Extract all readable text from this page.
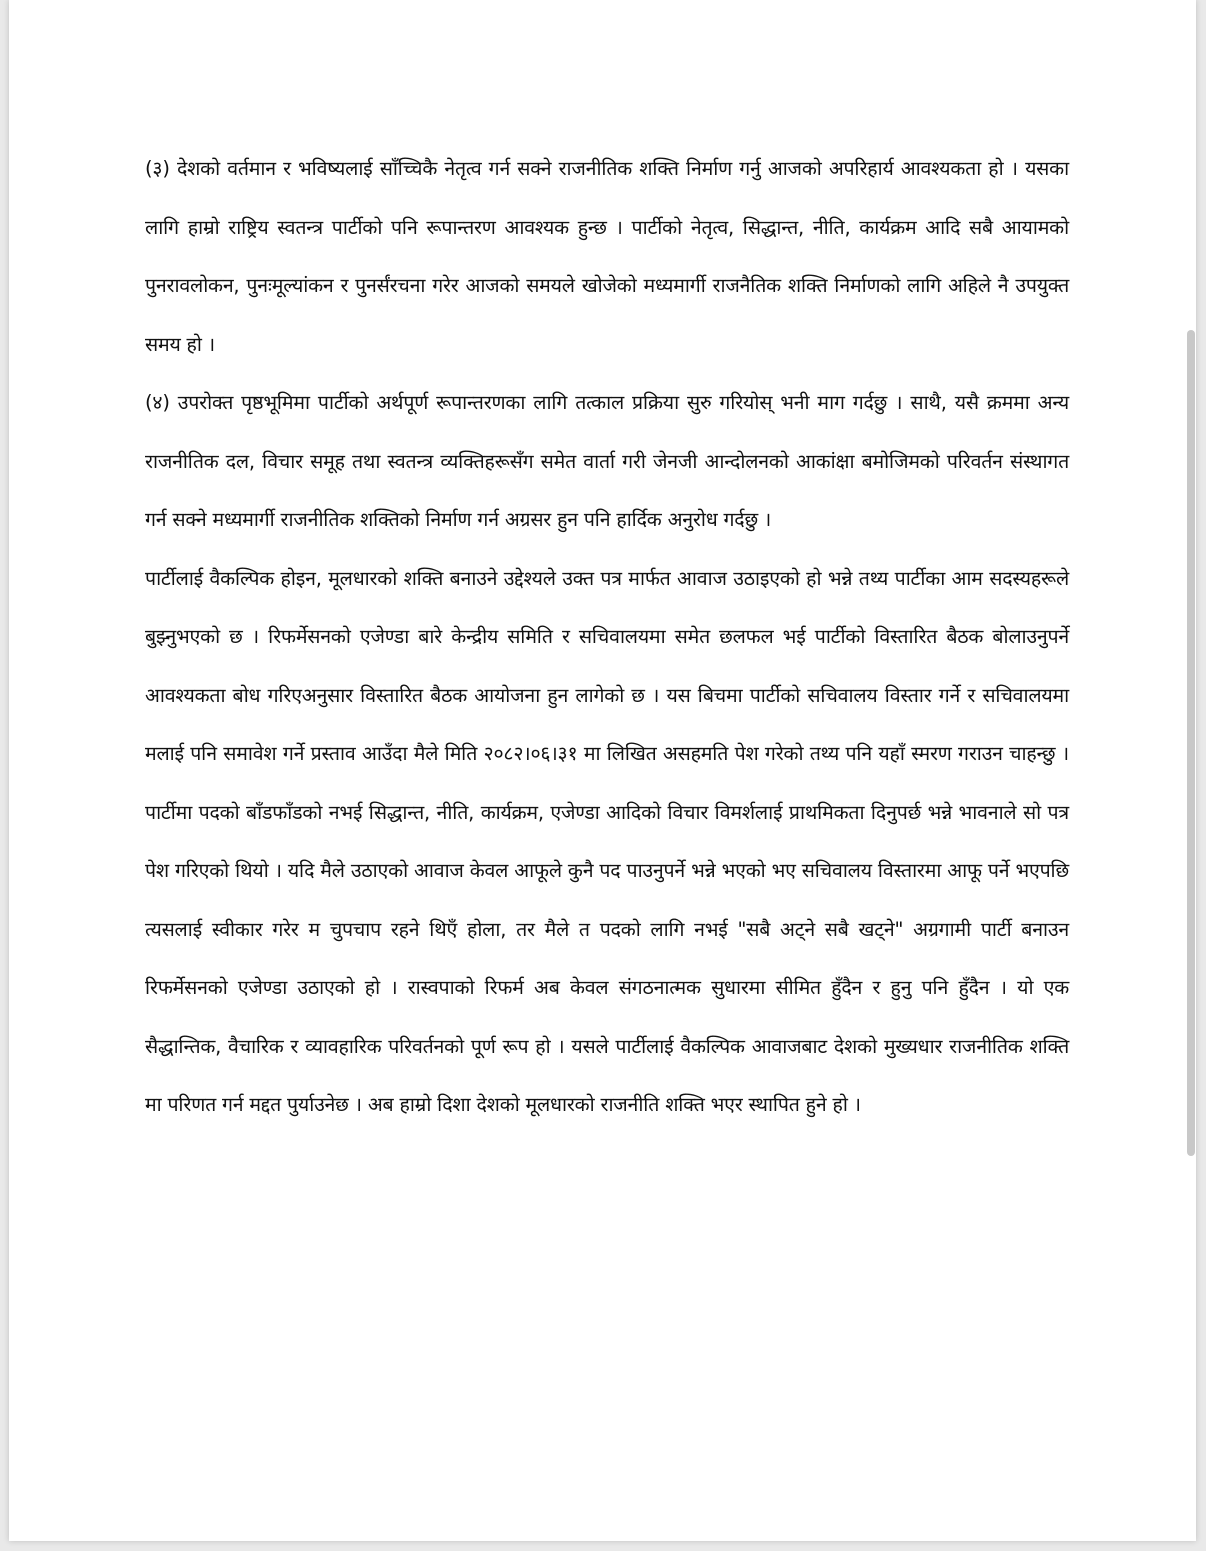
(३) देशको वर्तमान र भविष्यलाई साँच्चिकै नेतृत्व गर्न सक्ने राजनीतिक शक्ति निर्माण गर्नु आजको अपरिहार्य आवश्यकता हो । यसका लागि हाम्रो राष्ट्रिय स्वतन्त्र पार्टीको पनि रूपान्तरण आवश्यक हुन्छ । पार्टीको नेतृत्व, सिद्धान्त, नीति, कार्यक्रम आदि सबै आयामको पुनरावलोकन, पुनःमूल्यांकन र पुनर्संरचना गरेर आजको समयले खोजेको मध्यमार्गी राजनैतिक शक्ति निर्माणको लागि अहिले नै उपयुक्त समय हो ।

(४) उपरोक्त पृष्ठभूमिमा पार्टीको अर्थपूर्ण रूपान्तरणका लागि तत्काल प्रक्रिया सुरु गरियोस् भनी माग गर्दछु । साथै, यसै क्रममा अन्य राजनीतिक दल, विचार समूह तथा स्वतन्त्र व्यक्तिहरूसँग समेत वार्ता गरी जेनजी आन्दोलनको आकांक्षा बमोजिमको परिवर्तन संस्थागत गर्न सक्ने मध्यमार्गी राजनीतिक शक्तिको निर्माण गर्न अग्रसर हुन पनि हार्दिक अनुरोध गर्दछु ।

पार्टीलाई वैकल्पिक होइन, मूलधारको शक्ति बनाउने उद्देश्यले उक्त पत्र मार्फत आवाज उठाइएको हो भन्ने तथ्य पार्टीका आम सदस्यहरूले बुझ्नुभएको छ । रिफर्मेसनको एजेण्डा बारे केन्द्रीय समिति र सचिवालयमा समेत छलफल भई पार्टीको विस्तारित बैठक बोलाउनुपर्ने आवश्यकता बोध गरिएअनुसार विस्तारित बैठक आयोजना हुन लागेको छ । यस बिचमा पार्टीको सचिवालय विस्तार गर्ने र सचिवालयमा मलाई पनि समावेश गर्ने प्रस्ताव आउँदा मैले मिति २०८२।०६।३१ मा लिखित असहमति पेश गरेको तथ्य पनि यहाँ स्मरण गराउन चाहन्छु । पार्टीमा पदको बाँडफाँडको नभई सिद्धान्त, नीति, कार्यक्रम, एजेण्डा आदिको विचार विमर्शलाई प्राथमिकता दिनुपर्छ भन्ने भावनाले सो पत्र पेश गरिएको थियो । यदि मैले उठाएको आवाज केवल आफूले कुनै पद पाउनुपर्ने भन्ने भएको भए सचिवालय विस्तारमा आफू पर्ने भएपछि त्यसलाई स्वीकार गरेर म चुपचाप रहने थिएँ होला, तर मैले त पदको लागि नभई "सबै अट्ने सबै खट्ने" अग्रगामी पार्टी बनाउन रिफर्मेसनको एजेण्डा उठाएको हो । रास्वपाको रिफर्म अब केवल संगठनात्मक सुधारमा सीमित हुँदैन र हुनु पनि हुँदैन । यो एक सैद्धान्तिक, वैचारिक र व्यावहारिक परिवर्तनको पूर्ण रूप हो । यसले पार्टीलाई वैकल्पिक आवाजबाट देशको मुख्यधार राजनीतिक शक्ति मा परिणत गर्न मद्दत पुर्याउनेछ । अब हाम्रो दिशा देशको मूलधारको राजनीति शक्ति भएर स्थापित हुने हो ।
